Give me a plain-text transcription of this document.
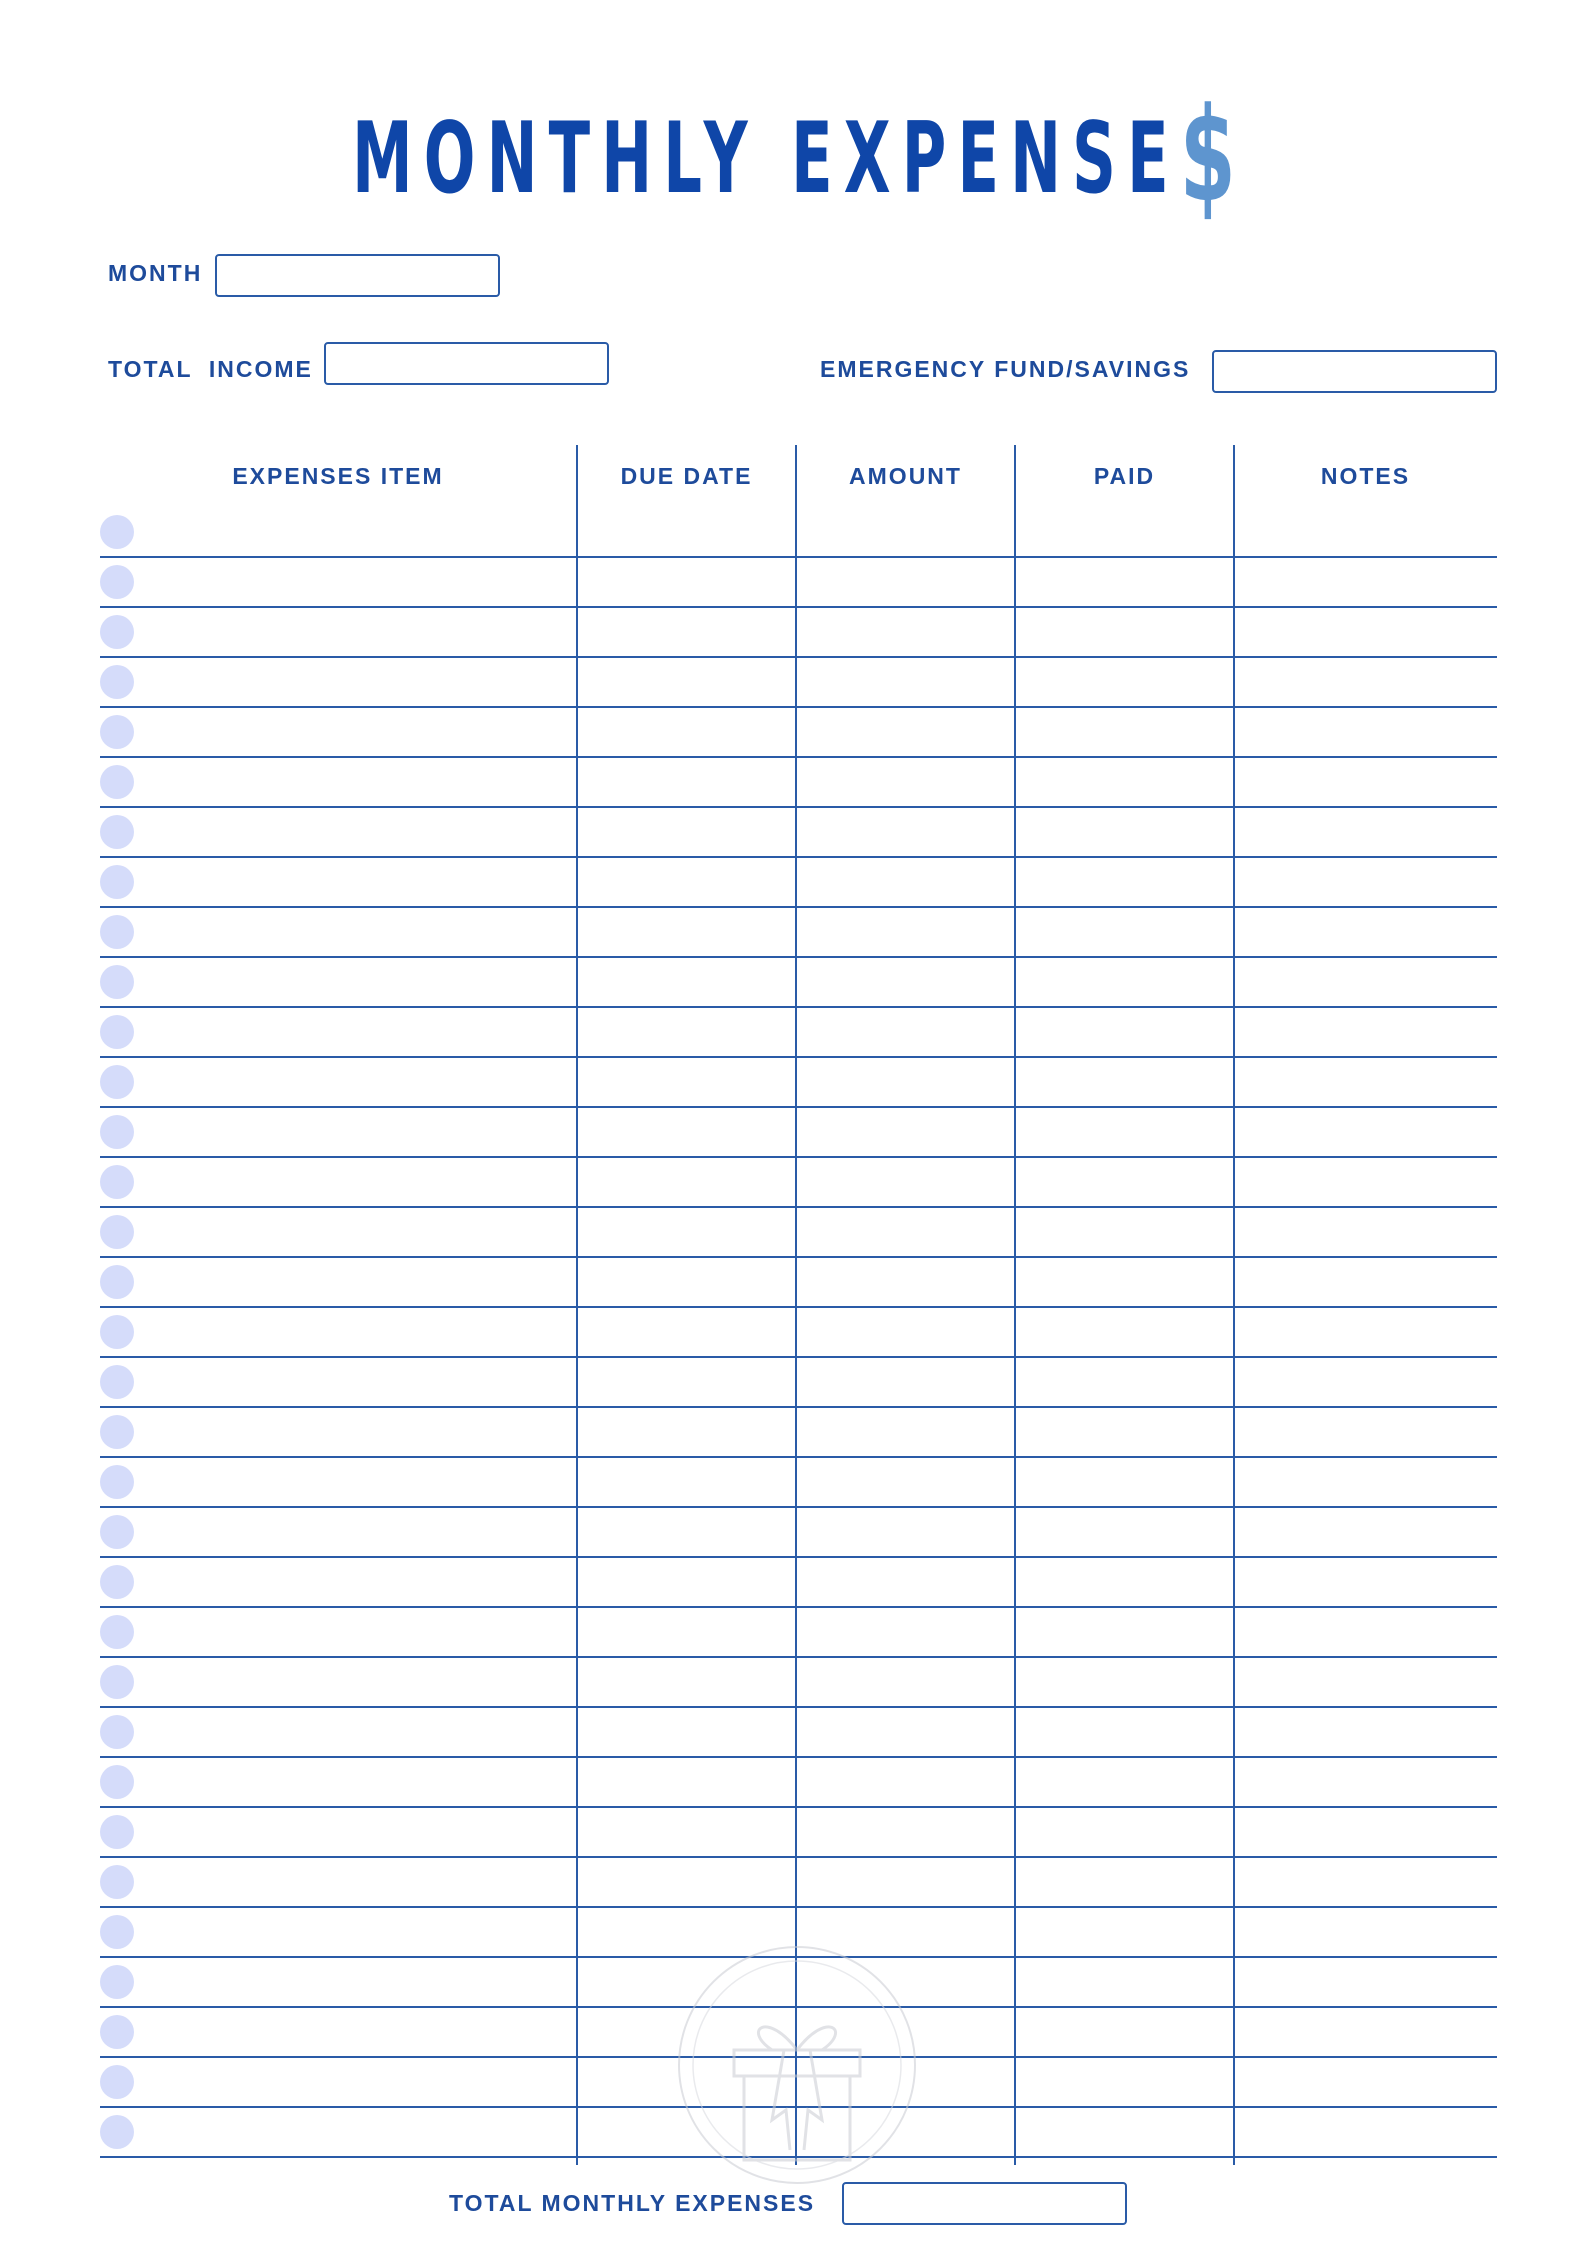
MONTHLY EXPENSE$
MONTH
TOTAL  INCOME	EMERGENCY FUND/SAVINGS
EXPENSES ITEM	DUE DATE	AMOUNT	PAID	NOTES
TOTAL MONTHLY EXPENSES
